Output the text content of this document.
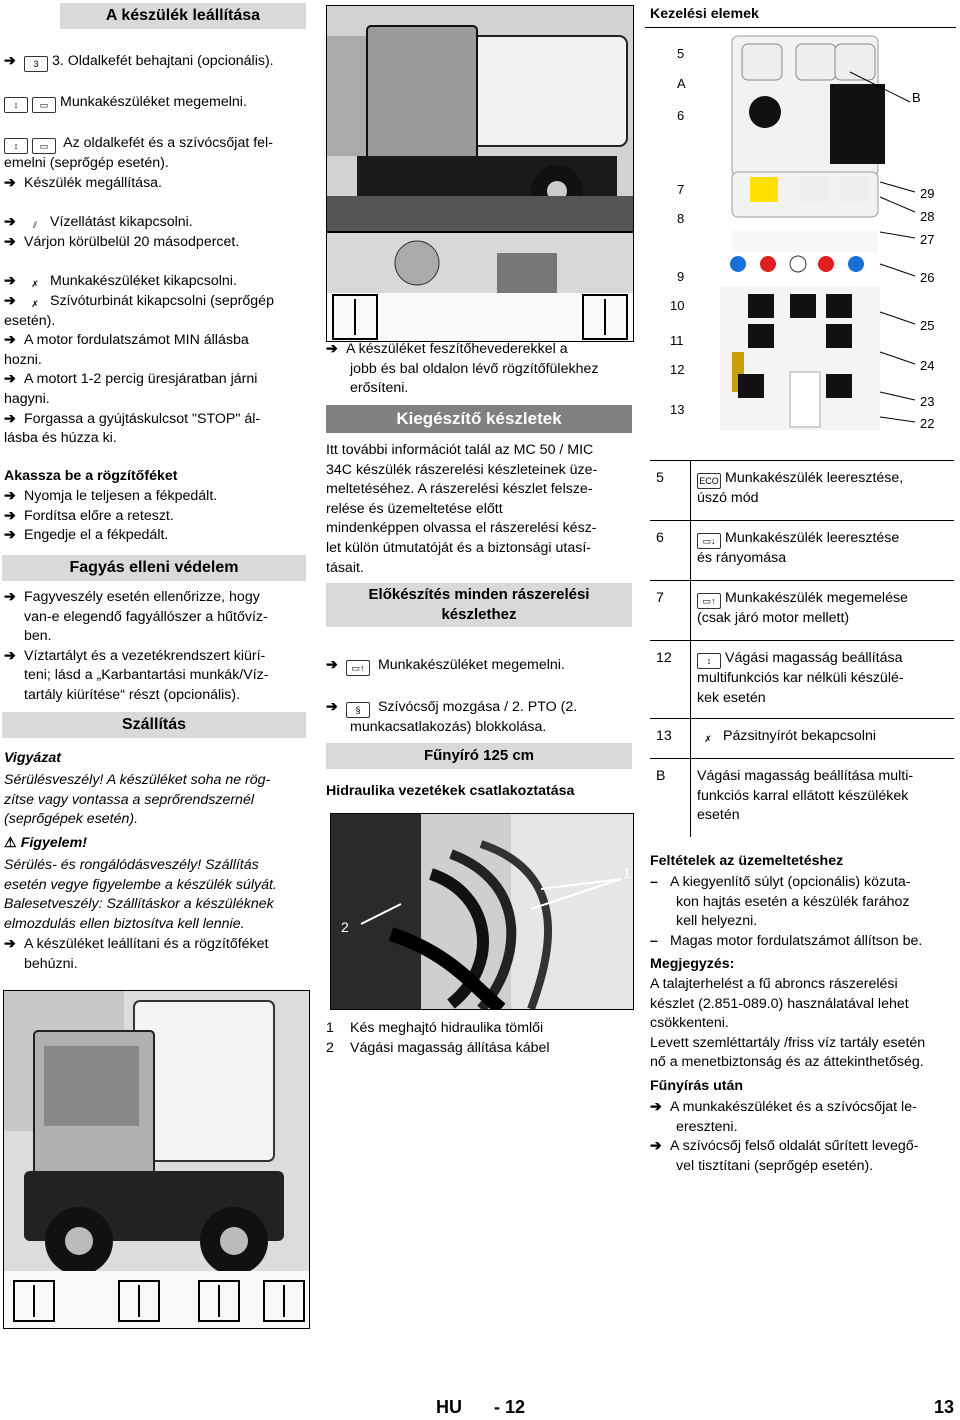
A készülék leállítása
➔ 3 3. Oldalkefét behajtani (opcionális).
↕ ▭ Munkakészüléket megemelni.
↕ ▭ Az oldalkefét és a szívócsőjat fel-
emelni (seprőgép esetén).
➔ Készülék megállítása.
➔ ⫽ Vízellátást kikapcsolni.
➔ Várjon körülbelül 20 másodpercet.
➔ ✗ Munkakészüléket kikapcsolni.
➔ ✗ Szívóturbinát kikapcsolni (seprőgép
esetén).
➔ A motor fordulatszámot MIN állásba
hozni.
➔ A motort 1-2 percig üresjáratban járni
hagyni.
➔ Forgassa a gyújtáskulcsot "STOP" ál-
lásba és húzza ki.
Akassza be a rögzítőféket
➔ Nyomja le teljesen a fékpedált.
➔ Fordítsa előre a reteszt.
➔ Engedje el a fékpedált.
Fagyás elleni védelem
➔ Fagyveszély esetén ellenőrizze, hogy
van-e elegendő fagyállószer a hűtővíz-
ben.
➔ Víztartályt és a vezetékrendszert kiürí-
teni; lásd a „Karbantartási munkák/Víz-
tartály kiürítése“ részt (opcionális).
Szállítás
Vigyázat
Sérülésveszély! A készüléket soha ne rög-
zítse vagy vontassa a seprőrendszernél
(seprőgépek esetén).
⚠ Figyelem!
Sérülés- és rongálódásveszély! Szállítás
esetén vegye figyelembe a készülék súlyát.
Balesetveszély: Szállításkor a készüléknek
elmozdulás ellen biztosítva kell lennie.
➔ A készüléket leállítani és a rögzítőféket
behúzni.
➔ A készüléket feszítőhevederekkel a
jobb és bal oldalon lévő rögzítőfülekhez
erősíteni.
Kiegészítő készletek
Itt további információt talál az MC 50 / MIC
34C készülék rászerelési készleteinek üze-
meltetéséhez. A rászerelési készlet felsze-
relése és üzemeltetése előtt
mindenképpen olvassa el rászerelési kész-
let külön útmutatóját és a biztonsági utasí-
tásait.
Előkészítés minden rászerelési
készlethez
➔ ▭↑ Munkakészüléket megemelni.
➔ § Szívócsőj mozgása / 2. PTO (2.
munkacsatlakozás) blokkolása.
Fűnyíró 125 cm
Hidraulika vezetékek csatlakoztatása
1
2
1 Kés meghajtó hidraulika tömlői
2 Vágási magasság állítása kábel
Kezelési elemek
5
A
6
7
8
9
10
11
12
13
B
29
28
27
26
25
24
23
22
5	ECO Munkakészülék leeresztése,
úszó mód
6	▭↓ Munkakészülék leeresztése
és rányomása
7	▭↑ Munkakészülék megemelése
(csak járó motor mellett)
12	↕ Vágási magasság beállítása
multifunkciós kar nélküli készülé-
kek esetén
13	✗ Pázsitnyírót bekapcsolni
B	Vágási magasság beállítása multi-
funkciós karral ellátott készülékek
esetén
Feltételek az üzemeltetéshez
– A kiegyenlítő súlyt (opcionális) közuta-
kon hajtás esetén a készülék farához
kell helyezni.
– Magas motor fordulatszámot állítson be.
Megjegyzés:
A talajterhelést a fű abroncs rászerelési
készlet (2.851-089.0) használatával lehet
csökkenteni.
Levett szemléttartály /friss víz tartály esetén
nő a menetbiztonság és az áttekinthetőség.
Fűnyírás után
➔ A munkakészüléket és a szívócsőjat le-
ereszteni.
➔ A szívócsőj felső oldalát sűrített levegő-
vel tisztítani (seprőgép esetén).
HU - 12	13
